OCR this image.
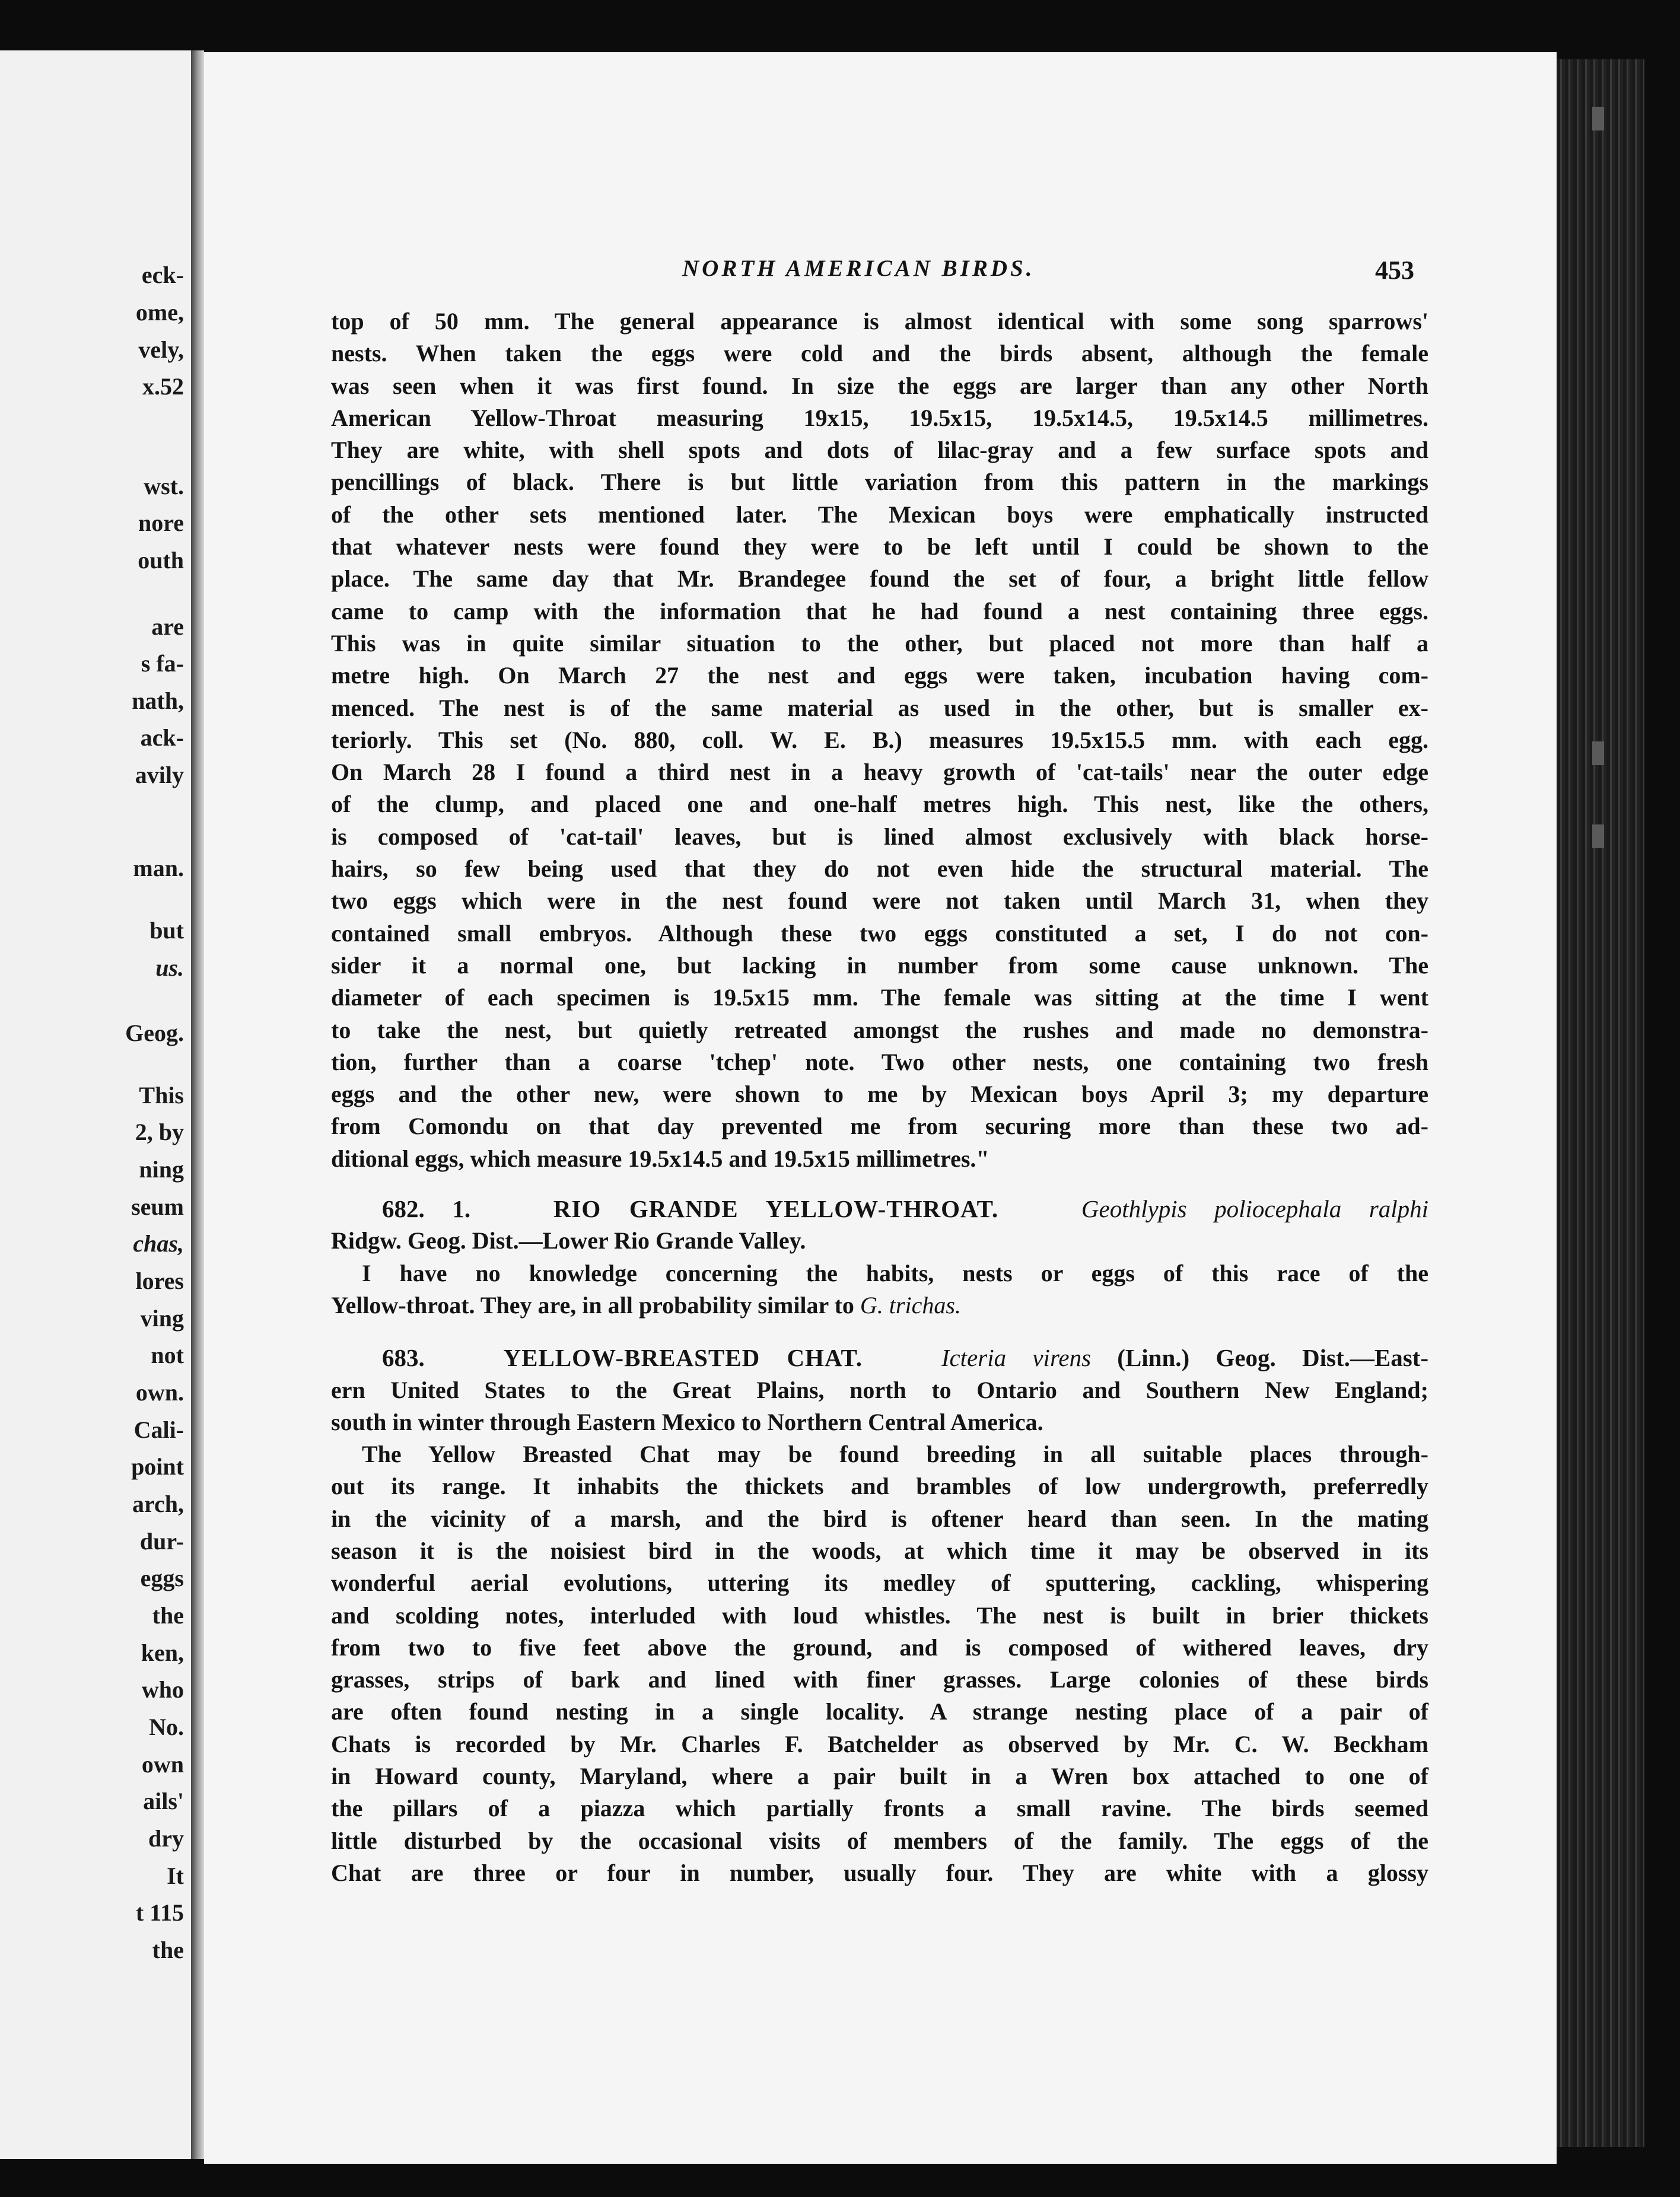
eck-
ome,
vely,
x.52
wst.
nore
outh
are
s fa-
nath,
ack-
avily
man.
but
us.
Geog.
This
2, by
ning
seum
chas,
lores
ving
not
own.
Cali-
point
arch,
dur-
eggs
the
ken,
who
No.
own
ails'
dry
It
t 115
the
NORTH AMERICAN BIRDS.	453
top of 50 mm. The general appearance is almost identical with some song sparrows'
nests. When taken the eggs were cold and the birds absent, although the female
was seen when it was first found. In size the eggs are larger than any other North
American Yellow-Throat measuring 19x15, 19.5x15, 19.5x14.5, 19.5x14.5 millimetres.
They are white, with shell spots and dots of lilac-gray and a few surface spots and
pencillings of black. There is but little variation from this pattern in the markings
of the other sets mentioned later. The Mexican boys were emphatically instructed
that whatever nests were found they were to be left until I could be shown to the
place. The same day that Mr. Brandegee found the set of four, a bright little fellow
came to camp with the information that he had found a nest containing three eggs.
This was in quite similar situation to the other, but placed not more than half a
metre high. On March 27 the nest and eggs were taken, incubation having com-
menced. The nest is of the same material as used in the other, but is smaller ex-
teriorly. This set (No. 880, coll. W. E. B.) measures 19.5x15.5 mm. with each egg.
On March 28 I found a third nest in a heavy growth of 'cat-tails' near the outer edge
of the clump, and placed one and one-half metres high. This nest, like the others,
is composed of 'cat-tail' leaves, but is lined almost exclusively with black horse-
hairs, so few being used that they do not even hide the structural material. The
two eggs which were in the nest found were not taken until March 31, when they
contained small embryos. Although these two eggs constituted a set, I do not con-
sider it a normal one, but lacking in number from some cause unknown. The
diameter of each specimen is 19.5x15 mm. The female was sitting at the time I went
to take the nest, but quietly retreated amongst the rushes and made no demonstra-
tion, further than a coarse 'tchep' note. Two other nests, one containing two fresh
eggs and the other new, were shown to me by Mexican boys April 3; my departure
from Comondu on that day prevented me from securing more than these two ad-
ditional eggs, which measure 19.5x14.5 and 19.5x15 millimetres."
682. 1.	RIO GRANDE YELLOW-THROAT.	Geothlypis poliocephala ralphi
Ridgw. Geog. Dist.—Lower Rio Grande Valley.
I have no knowledge concerning the habits, nests or eggs of this race of the
Yellow-throat. They are, in all probability similar to G. trichas.
683.	YELLOW-BREASTED CHAT.	Icteria virens (Linn.) Geog. Dist.—East-
ern United States to the Great Plains, north to Ontario and Southern New England;
south in winter through Eastern Mexico to Northern Central America.
The Yellow Breasted Chat may be found breeding in all suitable places through-
out its range. It inhabits the thickets and brambles of low undergrowth, preferredly
in the vicinity of a marsh, and the bird is oftener heard than seen. In the mating
season it is the noisiest bird in the woods, at which time it may be observed in its
wonderful aerial evolutions, uttering its medley of sputtering, cackling, whispering
and scolding notes, interluded with loud whistles. The nest is built in brier thickets
from two to five feet above the ground, and is composed of withered leaves, dry
grasses, strips of bark and lined with finer grasses. Large colonies of these birds
are often found nesting in a single locality. A strange nesting place of a pair of
Chats is recorded by Mr. Charles F. Batchelder as observed by Mr. C. W. Beckham
in Howard county, Maryland, where a pair built in a Wren box attached to one of
the pillars of a piazza which partially fronts a small ravine. The birds seemed
little disturbed by the occasional visits of members of the family. The eggs of the
Chat are three or four in number, usually four. They are white with a glossy
